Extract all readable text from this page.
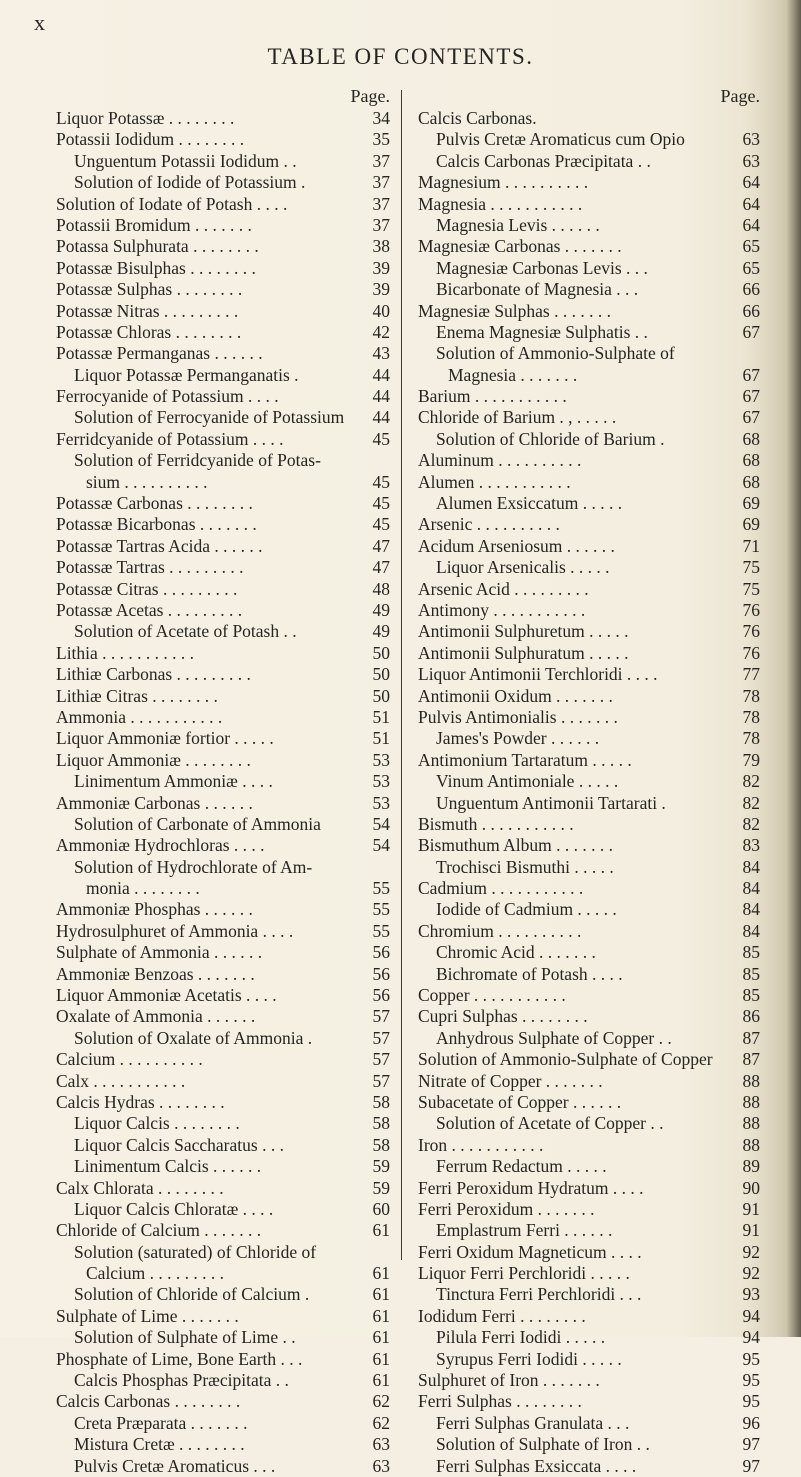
x
TABLE OF CONTENTS.
Page.
Liquor Potassæ . . . . . . . .	34
Potassii Iodidum . . . . . . . .	35
Unguentum Potassii Iodidum . .	37
Solution of Iodide of Potassium .	37
Solution of Iodate of Potash . . . .	37
Potassii Bromidum . . . . . . .	37
Potassa Sulphurata . . . . . . . .	38
Potassæ Bisulphas . . . . . . . .	39
Potassæ Sulphas . . . . . . . .	39
Potassæ Nitras . . . . . . . . .	40
Potassæ Chloras . . . . . . . .	42
Potassæ Permanganas . . . . . .	43
Liquor Potassæ Permanganatis .	44
Ferrocyanide of Potassium . . . .	44
Solution of Ferrocyanide of Potassium 44
Ferridcyanide of Potassium . . . .	45
Solution of Ferridcyanide of Potas-
sium . . . . . . . . . .	45
Potassæ Carbonas . . . . . . . .	45
Potassæ Bicarbonas . . . . . . .	45
Potassæ Tartras Acida . . . . . .	47
Potassæ Tartras . . . . . . . . .	47
Potassæ Citras . . . . . . . . .	48
Potassæ Acetas . . . . . . . . .	49
Solution of Acetate of Potash . .	49
Lithia . . . . . . . . . . .	50
Lithiæ Carbonas . . . . . . . . .	50
Lithiæ Citras . . . . . . . .	50
Ammonia . . . . . . . . . . .	51
Liquor Ammoniæ fortior . . . . .	51
Liquor Ammoniæ . . . . . . . .	53
Linimentum Ammoniæ . . . .	53
Ammoniæ Carbonas . . . . . .	53
Solution of Carbonate of Ammonia	54
Ammoniæ Hydrochloras . . . .	54
Solution of Hydrochlorate of Am-
monia . . . . . . . .	55
Ammoniæ Phosphas . . . . . .	55
Hydrosulphuret of Ammonia . . . .	55
Sulphate of Ammonia . . . . . .	56
Ammoniæ Benzoas . . . . . . .	56
Liquor Ammoniæ Acetatis . . . .	56
Oxalate of Ammonia . . . . . .	57
Solution of Oxalate of Ammonia .	57
Calcium . . . . . . . . . .	57
Calx . . . . . . . . . . .	57
Calcis Hydras . . . . . . . .	58
Liquor Calcis . . . . . . . .	58
Liquor Calcis Saccharatus . . .	58
Linimentum Calcis . . . . . .	59
Calx Chlorata . . . . . . . .	59
Liquor Calcis Chloratæ . . . .	60
Chloride of Calcium . . . . . . .	61
Solution (saturated) of Chloride of
Calcium . . . . . . . . .	61
Solution of Chloride of Calcium .	61
Sulphate of Lime . . . . . . .	61
Solution of Sulphate of Lime . .	61
Phosphate of Lime, Bone Earth . . .	61
Calcis Phosphas Præcipitata . .	61
Calcis Carbonas . . . . . . . .	62
Creta Præparata . . . . . . .	62
Mistura Cretæ . . . . . . . .	63
Pulvis Cretæ Aromaticus . . .	63
Page.
Calcis Carbonas.
Pulvis Cretæ Aromaticus cum Opio	63
Calcis Carbonas Præcipitata . .	63
Magnesium . . . . . . . . . .	64
Magnesia . . . . . . . . . . .	64
Magnesia Levis . . . . . .	64
Magnesiæ Carbonas . . . . . . .	65
Magnesiæ Carbonas Levis . . .	65
Bicarbonate of Magnesia . . .	66
Magnesiæ Sulphas . . . . . . .	66
Enema Magnesiæ Sulphatis . .	67
Solution of Ammonio-Sulphate of
Magnesia . . . . . . .	67
Barium . . . . . . . . . . .	67
Chloride of Barium . , . . . . .	67
Solution of Chloride of Barium .	68
Aluminum . . . . . . . . . .	68
Alumen . . . . . . . . . . .	68
Alumen Exsiccatum . . . . .	69
Arsenic . . . . . . . . . .	69
Acidum Arseniosum . . . . . .	71
Liquor Arsenicalis . . . . .	75
Arsenic Acid . . . . . . . . .	75
Antimony . . . . . . . . . . .	76
Antimonii Sulphuretum . . . . .	76
Antimonii Sulphuratum . . . . .	76
Liquor Antimonii Terchloridi . . . .	77
Antimonii Oxidum . . . . . . .	78
Pulvis Antimonialis . . . . . . .	78
James's Powder . . . . . .	78
Antimonium Tartaratum . . . . .	79
Vinum Antimoniale . . . . .	82
Unguentum Antimonii Tartarati .	82
Bismuth . . . . . . . . . . .	82
Bismuthum Album . . . . . . .	83
Trochisci Bismuthi . . . . .	84
Cadmium . . . . . . . . . . .	84
Iodide of Cadmium . . . . .	84
Chromium . . . . . . . . . .	84
Chromic Acid . . . . . . .	85
Bichromate of Potash . . . .	85
Copper . . . . . . . . . . .	85
Cupri Sulphas . . . . . . . .	86
Anhydrous Sulphate of Copper . .	87
Solution of Ammonio-Sulphate of Copper 87
Nitrate of Copper . . . . . . .	88
Subacetate of Copper . . . . . .	88
Solution of Acetate of Copper . .	88
Iron . . . . . . . . . . .	88
Ferrum Redactum . . . . .	89
Ferri Peroxidum Hydratum . . . .	90
Ferri Peroxidum . . . . . . .	91
Emplastrum Ferri . . . . . .	91
Ferri Oxidum Magneticum . . . .	92
Liquor Ferri Perchloridi . . . . .	92
Tinctura Ferri Perchloridi . . .	93
Iodidum Ferri . . . . . . . .	94
Pilula Ferri Iodidi . . . . .	94
Syrupus Ferri Iodidi . . . . .	95
Sulphuret of Iron . . . . . . .	95
Ferri Sulphas . . . . . . . .	95
Ferri Sulphas Granulata . . .	96
Solution of Sulphate of Iron . .	97
Ferri Sulphas Exsiccata . . . .	97
